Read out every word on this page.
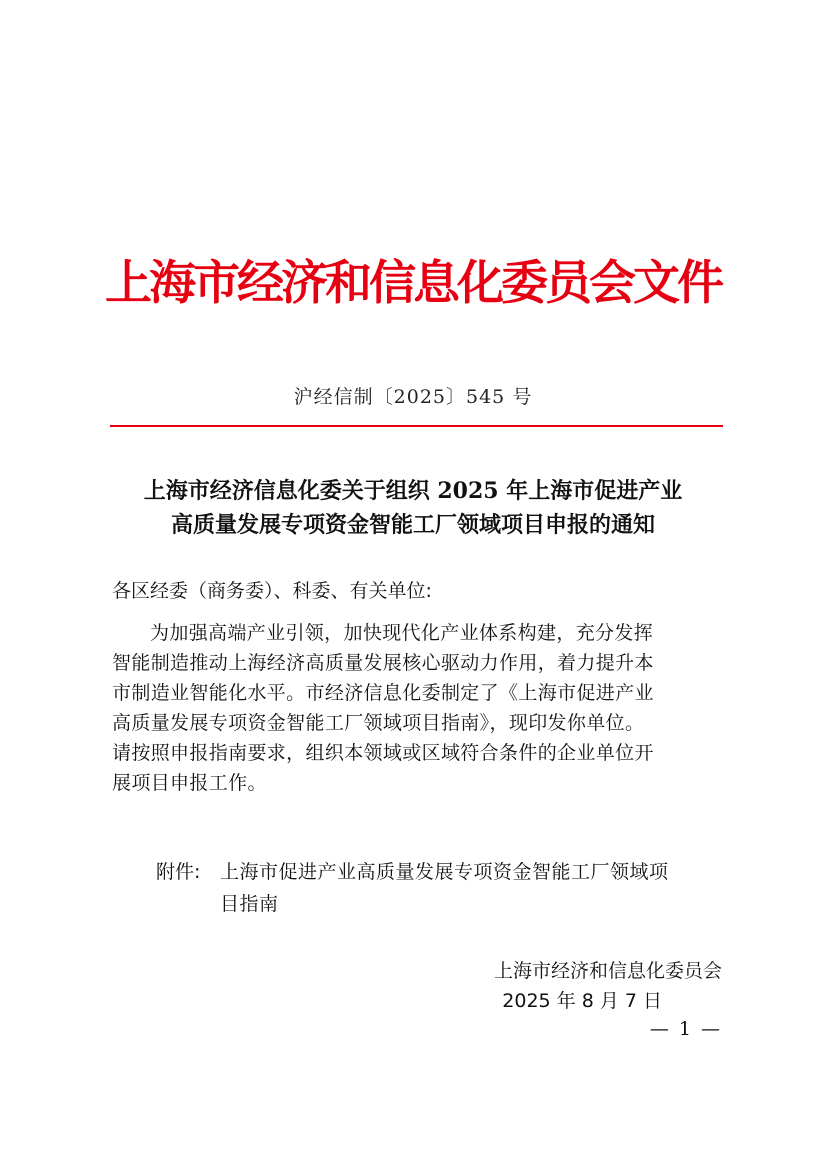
上海市经济和信息化委员会文件
沪经信制〔2025〕545 号
上海市经济信息化委关于组织 2025 年上海市促进产业
高质量发展专项资金智能工厂领域项目申报的通知
各区经委（商务委）、科委、有关单位:
为加强高端产业引领，加快现代化产业体系构建，充分发挥
智能制造推动上海经济高质量发展核心驱动力作用，着力提升本
市制造业智能化水平。市经济信息化委制定了《上海市促进产业
高质量发展专项资金智能工厂领域项目指南》，现印发你单位。
请按照申报指南要求，组织本领域或区域符合条件的企业单位开
展项目申报工作。
附件: 上海市促进产业高质量发展专项资金智能工厂领域项
目指南
上海市经济和信息化委员会
2025 年 8 月 7 日
— 1 —
